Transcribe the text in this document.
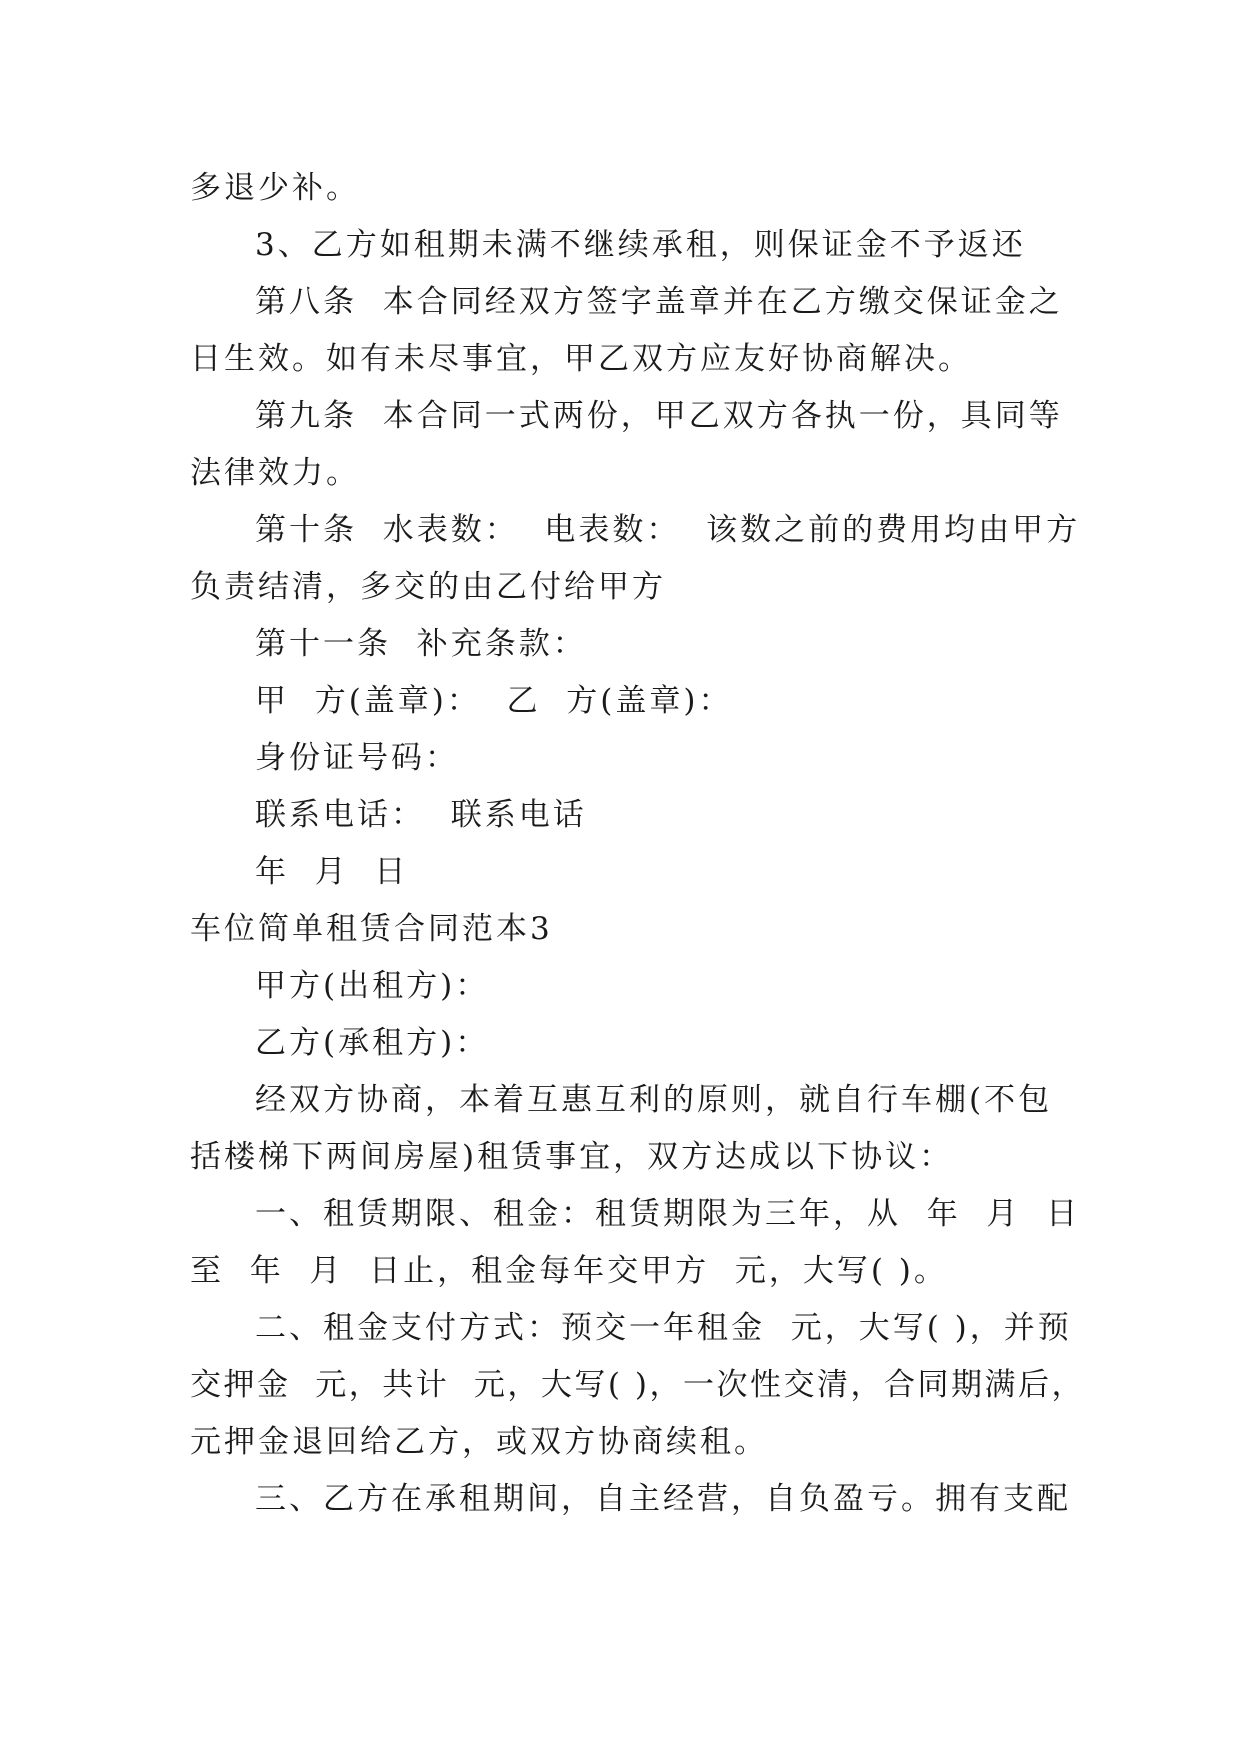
多退少补。
3、乙方如租期未满不继续承租，则保证金不予返还
第八条  本合同经双方签字盖章并在乙方缴交保证金之
日生效。如有未尽事宜，甲乙双方应友好协商解决。
第九条  本合同一式两份，甲乙双方各执一份，具同等
法律效力。
第十条  水表数：  电表数：  该数之前的费用均由甲方
负责结清，多交的由乙付给甲方
第十一条  补充条款：
甲  方(盖章)：  乙  方(盖章)：
身份证号码：
联系电话：  联系电话
年  月  日
车位简单租赁合同范本3
甲方(出租方)：
乙方(承租方)：
经双方协商，本着互惠互利的原则，就自行车棚(不包
括楼梯下两间房屋)租赁事宜，双方达成以下协议：
一、租赁期限、租金：租赁期限为三年，从  年  月  日
至  年  月  日止，租金每年交甲方  元，大写( )。
二、租金支付方式：预交一年租金  元，大写( )，并预
交押金  元，共计  元，大写( )，一次性交清，合同期满后，
元押金退回给乙方，或双方协商续租。
三、乙方在承租期间，自主经营，自负盈亏。拥有支配
